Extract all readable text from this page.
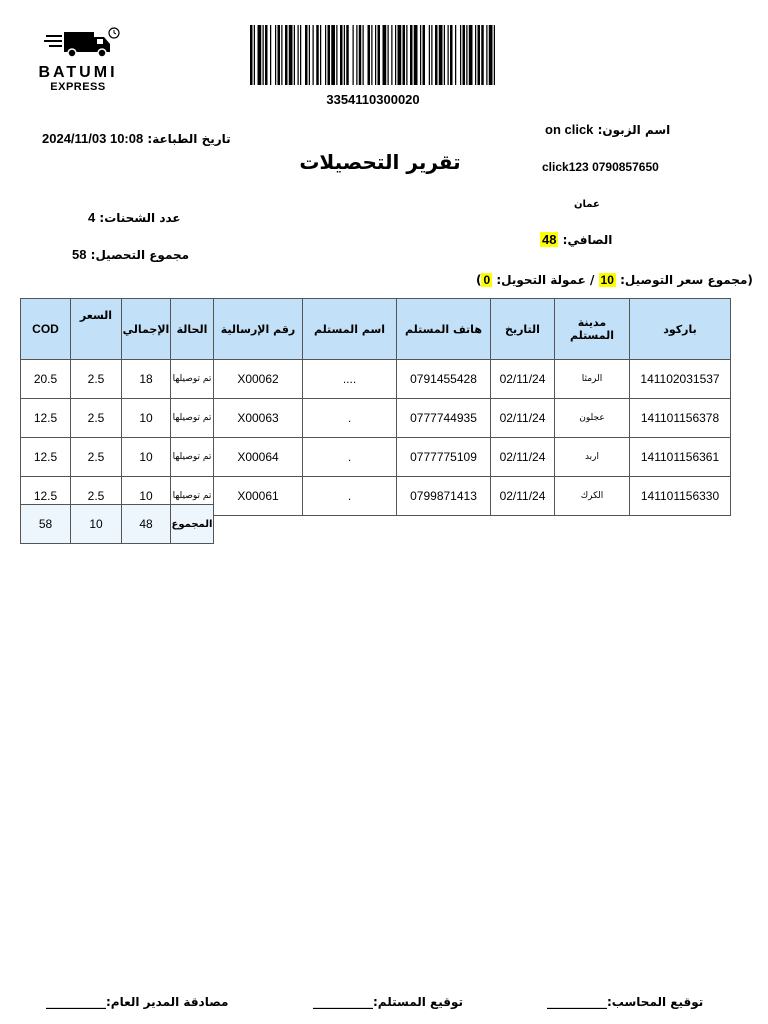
BATUMI
EXPRESS
3354110300020
تاريخ الطباعة: 2024/11/03 10:08
اسم الزبون: on click
تقرير التحصيلات	0790857650 click123
عمان
عدد الشحنات: 4
الصافي: 48
مجموع التحصيل: 58
(مجموع سعر التوصيل: 10 / عمولة التحويل: 0)
COD	السعر	الإجمالي	الحالة	رقم الإرسالية	اسم المستلم	هاتف المستلم	التاريخ	مدينة المستلم	باركود
20.5	2.5	18	تم توصيلها	X00062	....	0791455428	02/11/24	الرمثا	141102031537
12.5	2.5	10	تم توصيلها	X00063	.	0777744935	02/11/24	عجلون	141101156378
12.5	2.5	10	تم توصيلها	X00064	.	0777775109	02/11/24	اربد	141101156361
12.5	2.5	10	تم توصيلها	X00061	.	0799871413	02/11/24	الكرك	141101156330
58	10	48	المجموع
توقيع المحاسب:__________
توقيع المستلم:__________
مصادقة المدير العام:__________
